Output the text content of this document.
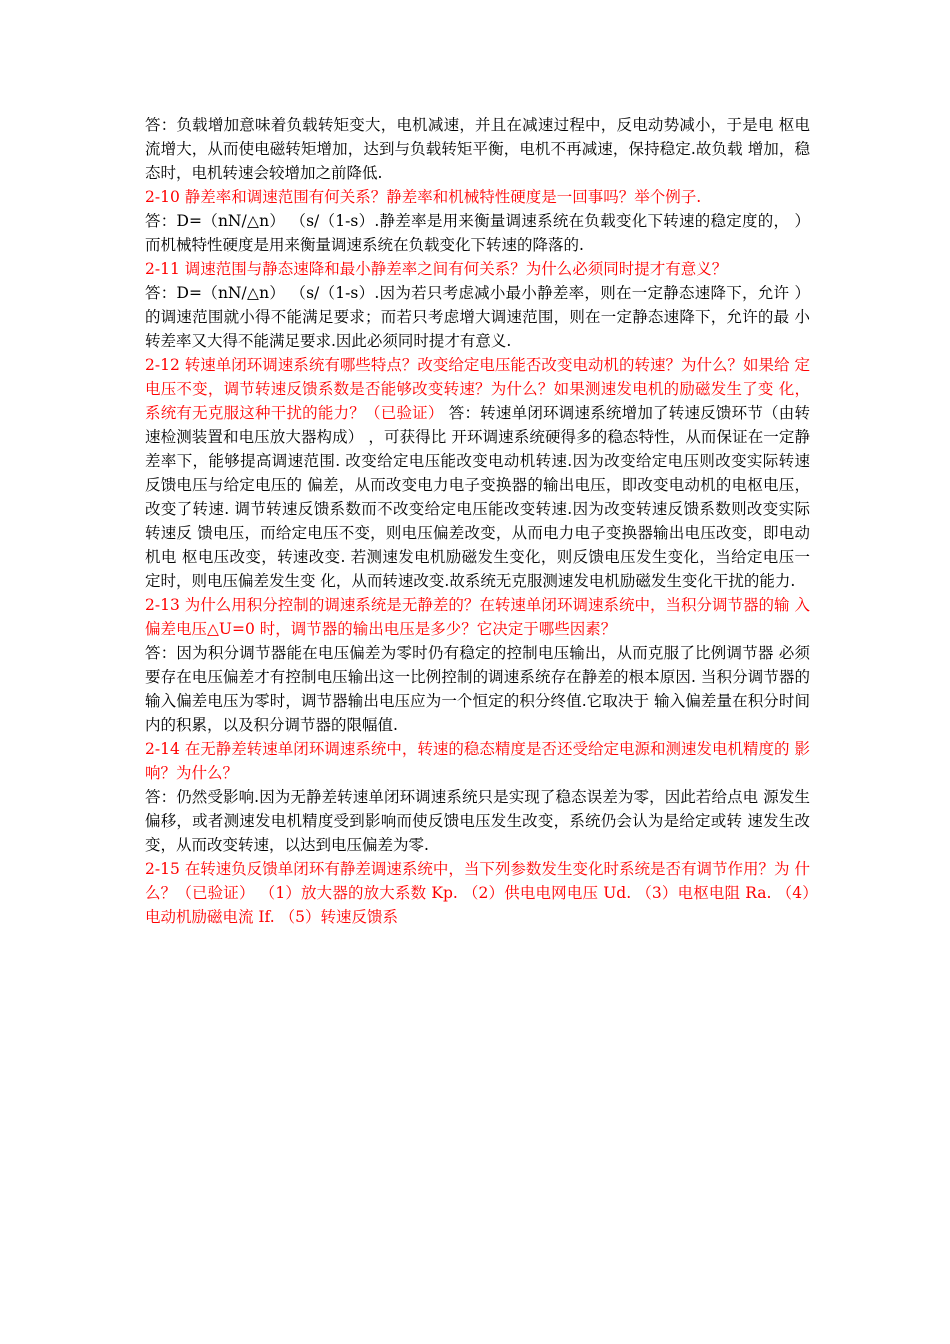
答：负载增加意味着负载转矩变大，电机减速，并且在减速过程中，反电动势减小，于是电 枢电流增大，从而使电磁转矩增加，达到与负载转矩平衡，电机不再减速，保持稳定.故负载 增加，稳态时，电机转速会较增加之前降低.

2-10 静差率和调速范围有何关系？静差率和机械特性硬度是一回事吗？举个例子.

答：D=（nN/△n） （s/（1-s）.静差率是用来衡量调速系统在负载变化下转速的稳定度的， ） 而机械特性硬度是用来衡量调速系统在负载变化下转速的降落的.

2-11 调速范围与静态速降和最小静差率之间有何关系？为什么必须同时提才有意义？

答：D=（nN/△n） （s/（1-s）.因为若只考虑减小最小静差率，则在一定静态速降下，允许 ） 的调速范围就小得不能满足要求；而若只考虑增大调速范围，则在一定静态速降下，允许的最 小转差率又大得不能满足要求.因此必须同时提才有意义.

2-12 转速单闭环调速系统有哪些特点？改变给定电压能否改变电动机的转速？为什么？如果给 定电压不变，调节转速反馈系数是否能够改变转速？为什么？如果测速发电机的励磁发生了变 化，系统有无克服这种干扰的能力？（已验证） 答：转速单闭环调速系统增加了转速反馈环节（由转速检测装置和电压放大器构成） ，可获得比 开环调速系统硬得多的稳态特性，从而保证在一定静差率下，能够提高调速范围. 改变给定电压能改变电动机转速.因为改变给定电压则改变实际转速反馈电压与给定电压的 偏差，从而改变电力电子变换器的输出电压，即改变电动机的电枢电压，改变了转速. 调节转速反馈系数而不改变给定电压能改变转速.因为改变转速反馈系数则改变实际转速反 馈电压，而给定电压不变，则电压偏差改变，从而电力电子变换器输出电压改变，即电动机电 枢电压改变，转速改变. 若测速发电机励磁发生变化，则反馈电压发生变化，当给定电压一定时，则电压偏差发生变 化，从而转速改变.故系统无克服测速发电机励磁发生变化干扰的能力.

2-13 为什么用积分控制的调速系统是无静差的？在转速单闭环调速系统中，当积分调节器的输 入偏差电压△U=0 时，调节器的输出电压是多少？它决定于哪些因素？

答：因为积分调节器能在电压偏差为零时仍有稳定的控制电压输出，从而克服了比例调节器 必须要存在电压偏差才有控制电压输出这一比例控制的调速系统存在静差的根本原因. 当积分调节器的输入偏差电压为零时，调节器输出电压应为一个恒定的积分终值.它取决于 输入偏差量在积分时间内的积累，以及积分调节器的限幅值.

2-14 在无静差转速单闭环调速系统中，转速的稳态精度是否还受给定电源和测速发电机精度的 影响？为什么？

答：仍然受影响.因为无静差转速单闭环调速系统只是实现了稳态误差为零，因此若给点电 源发生偏移，或者测速发电机精度受到影响而使反馈电压发生改变，系统仍会认为是给定或转 速发生改变，从而改变转速，以达到电压偏差为零.

2-15 在转速负反馈单闭环有静差调速系统中，当下列参数发生变化时系统是否有调节作用？为 什么？（已验证） （1）放大器的放大系数 Kp. （2）供电电网电压 Ud. （3）电枢电阻 Ra. （4）电动机励磁电流 If. （5）转速反馈系
